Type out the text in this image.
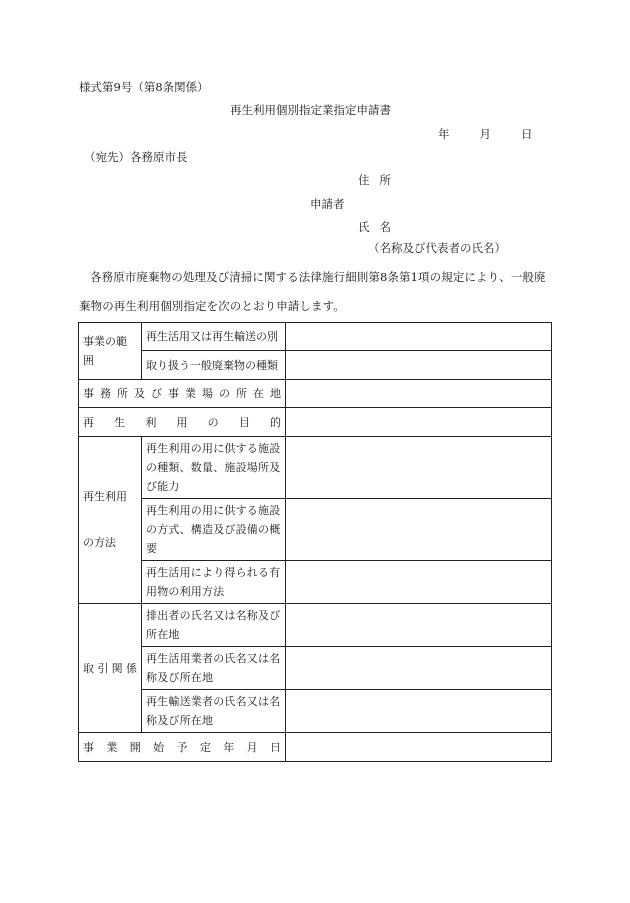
様式第9号（第8条関係）
再生利用個別指定業指定申請書
年	月	日
（宛先）各務原市長
住所
申請者
氏名
（名称及び代表者の氏名）
各務原市廃棄物の処理及び清掃に関する法律施行細則第8条第1項の規定により、一般廃棄物の再生利用個別指定を次のとおり申請します。
事業の範囲	再生活用又は再生輸送の別	
	取り扱う一般廃棄物の種類	
事務所及び事業場の所在地		
再生利用の目的		
再生利用の方法	再生利用の用に供する施設の種類、数量、施設場所及び能力	
	再生利用の用に供する施設の方式、構造及び設備の概要	
	再生活用により得られる有用物の利用方法	
取引関係	排出者の氏名又は名称及び所在地	
	再生活用業者の氏名又は名称及び所在地	
	再生輸送業者の氏名又は名称及び所在地	
事業開始予定年月日		
